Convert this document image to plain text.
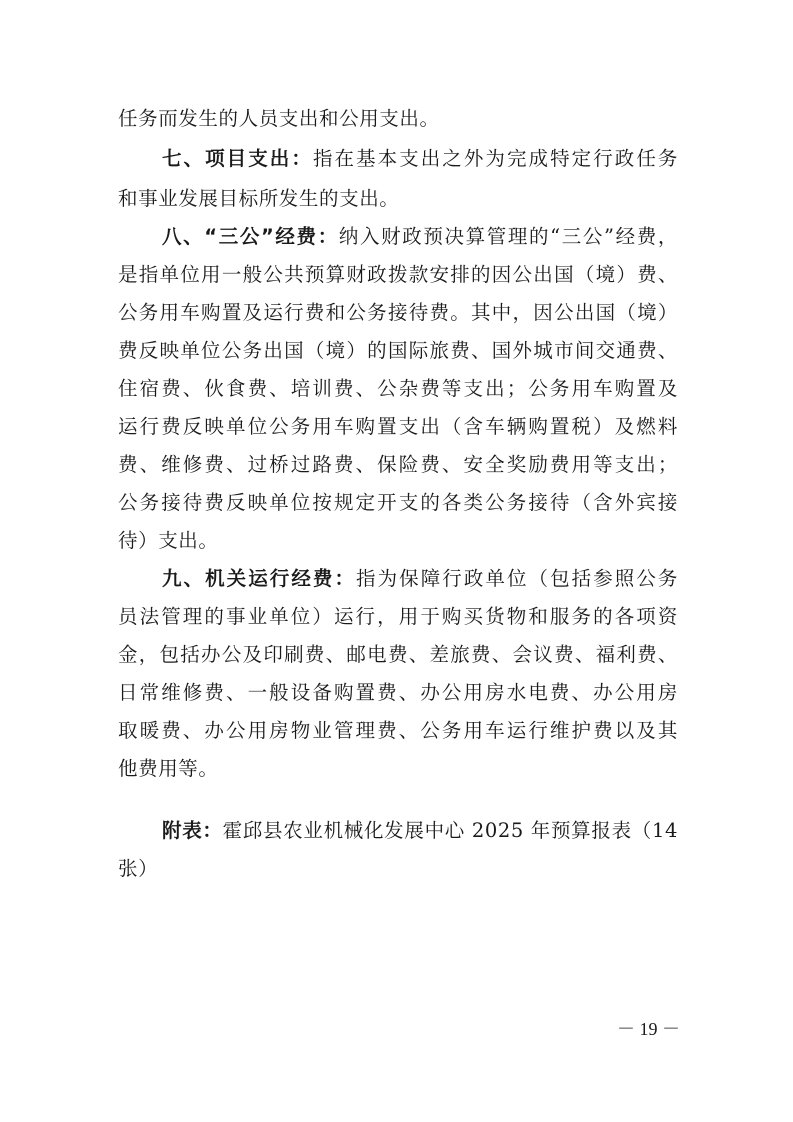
任务而发生的人员支出和公用支出。
七、项目支出：指在基本支出之外为完成特定行政任务
和事业发展目标所发生的支出。
八、“三公”经费：纳入财政预决算管理的“三公”经费，
是指单位用一般公共预算财政拨款安排的因公出国（境）费、
公务用车购置及运行费和公务接待费。其中，因公出国（境）
费反映单位公务出国（境）的国际旅费、国外城市间交通费、
住宿费、伙食费、培训费、公杂费等支出；公务用车购置及
运行费反映单位公务用车购置支出（含车辆购置税）及燃料
费、维修费、过桥过路费、保险费、安全奖励费用等支出；
公务接待费反映单位按规定开支的各类公务接待（含外宾接
待）支出。
九、机关运行经费：指为保障行政单位（包括参照公务
员法管理的事业单位）运行，用于购买货物和服务的各项资
金，包括办公及印刷费、邮电费、差旅费、会议费、福利费、
日常维修费、一般设备购置费、办公用房水电费、办公用房
取暖费、办公用房物业管理费、公务用车运行维护费以及其
他费用等。
附表：霍邱县农业机械化发展中心 2025 年预算报表（14
张）
－ 19 －
